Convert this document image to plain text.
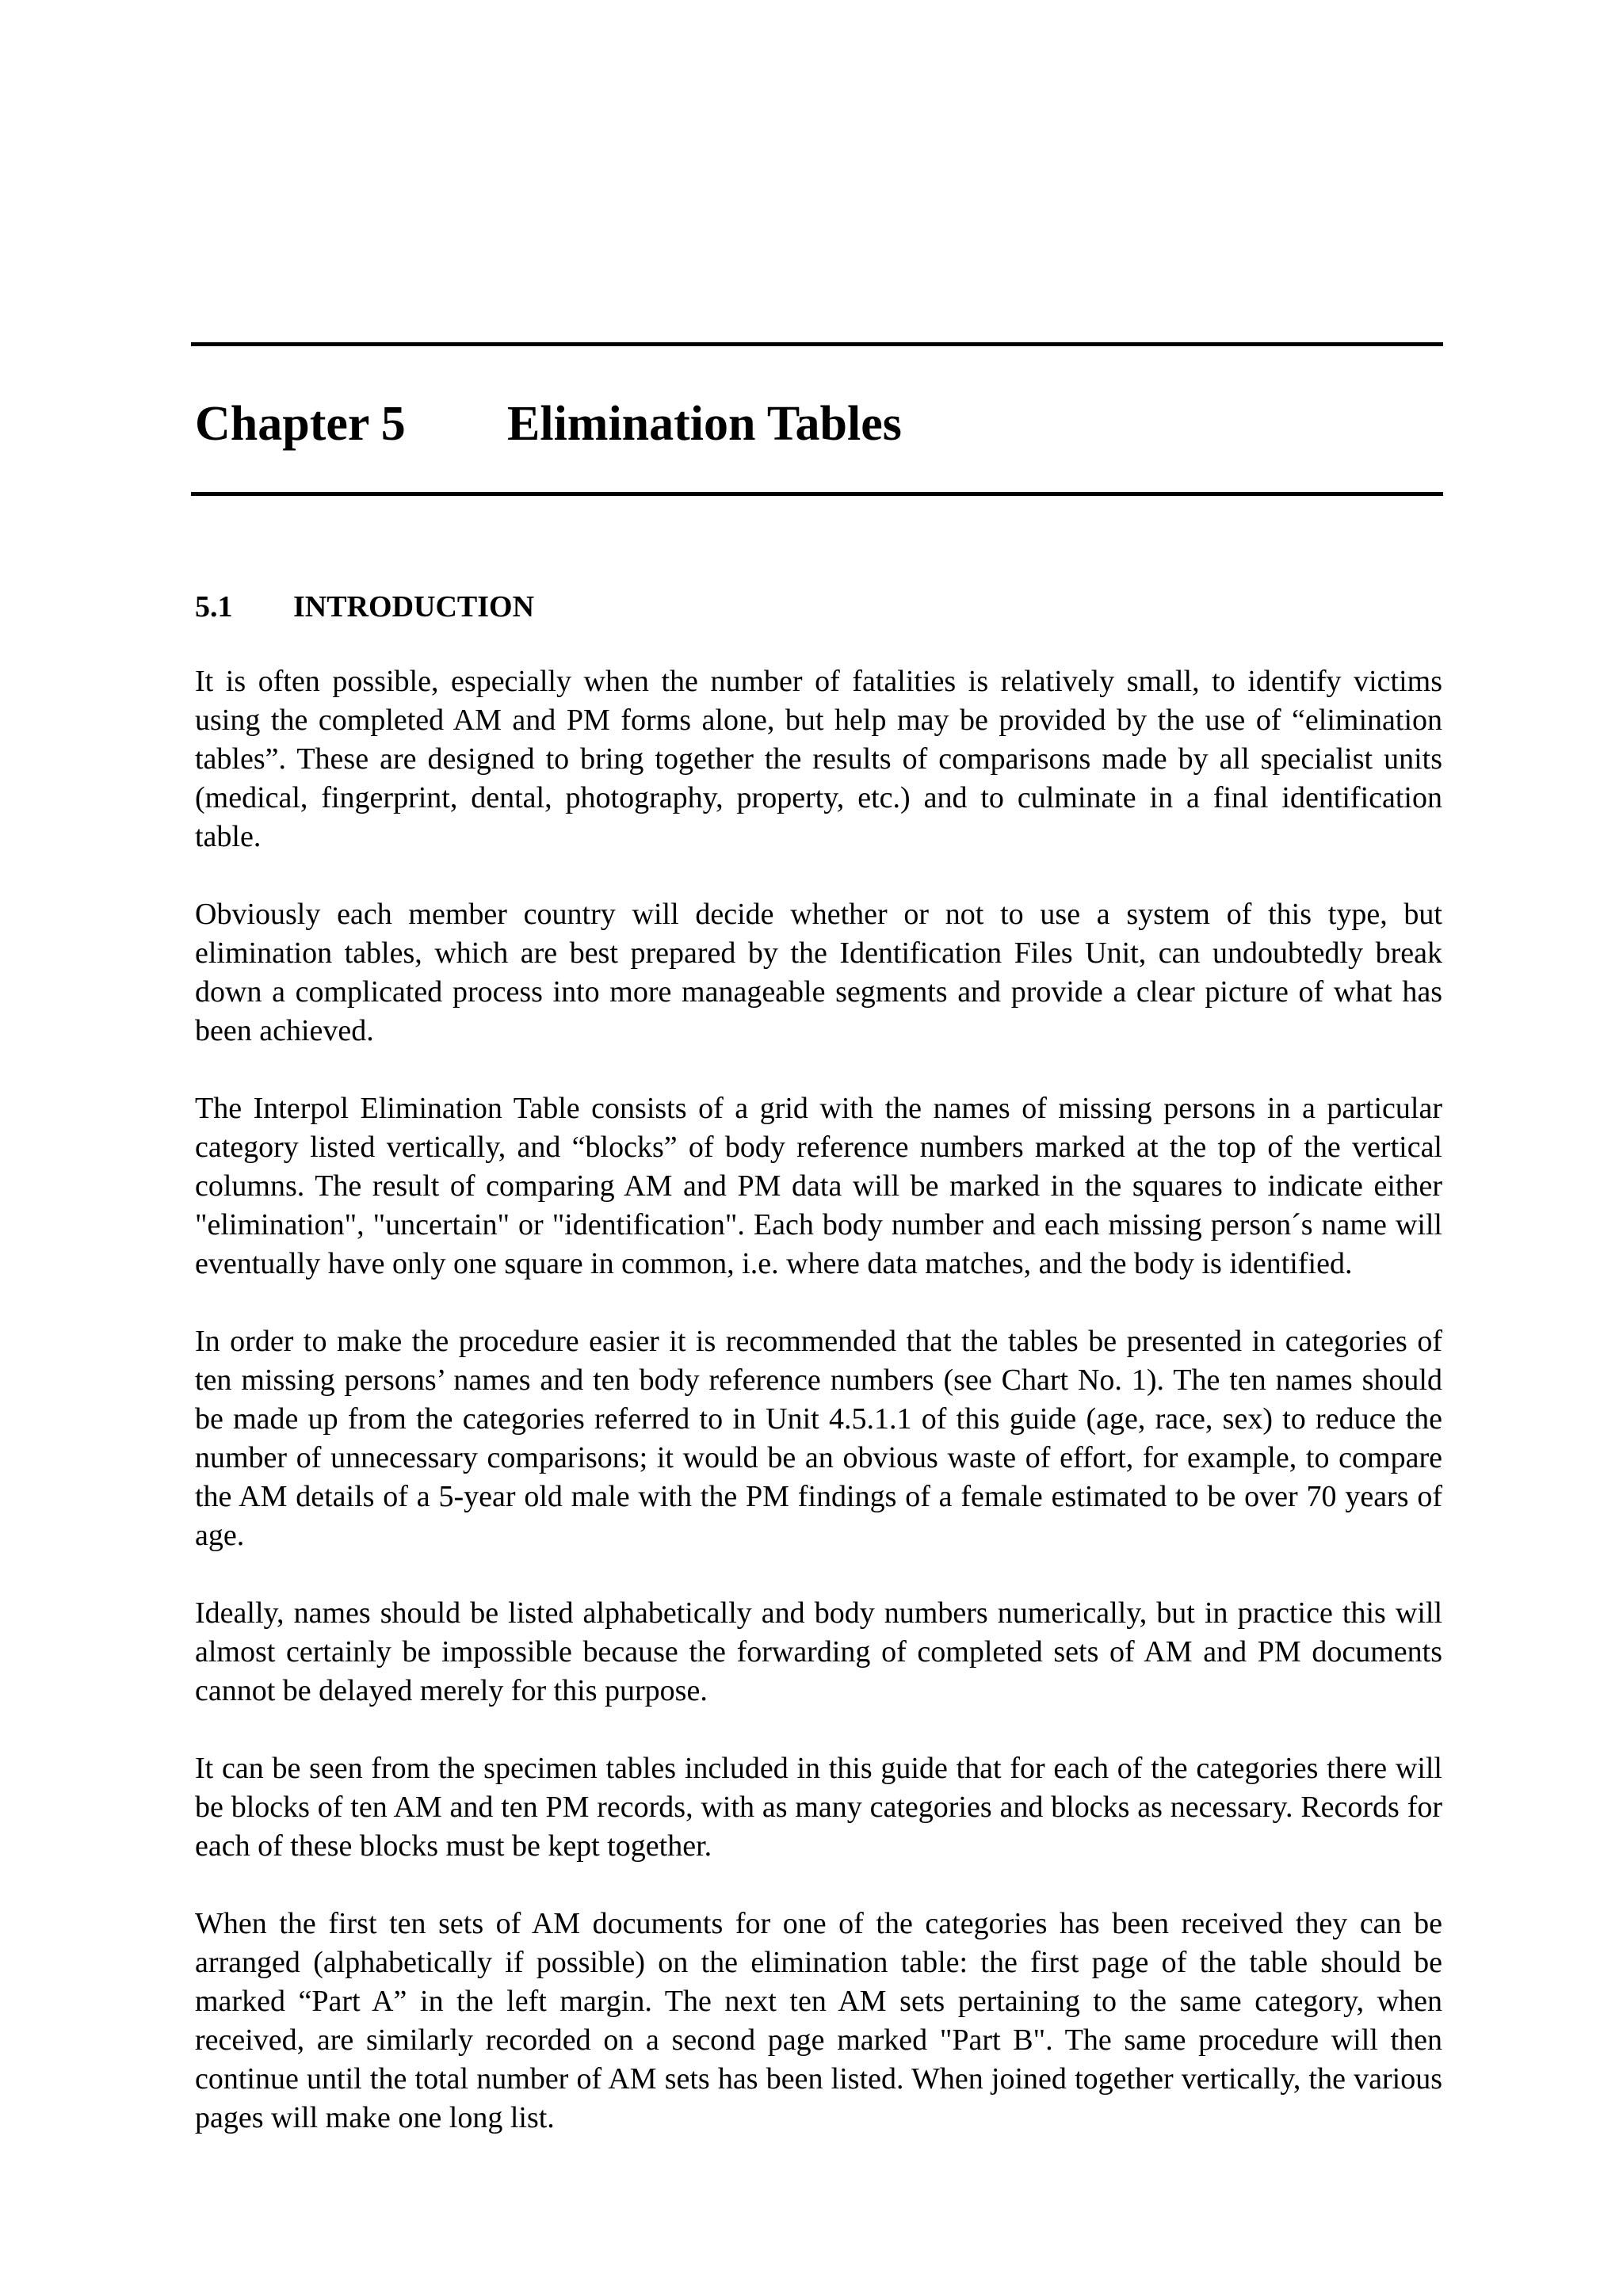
Chapter 5 Elimination Tables
5.1 INTRODUCTION

It is often possible, especially when the number of fatalities is relatively small, to identify victims using the completed AM and PM forms alone, but help may be provided by the use of “elimination tables”. These are designed to bring together the results of comparisons made by all specialist units (medical, fingerprint, dental, photography, property, etc.) and to culminate in a final identification table.

Obviously each member country will decide whether or not to use a system of this type, but elimination tables, which are best prepared by the Identification Files Unit, can undoubtedly break down a complicated process into more manageable segments and provide a clear picture of what has been achieved.

The Interpol Elimination Table consists of a grid with the names of missing persons in a particular category listed vertically, and “blocks” of body reference numbers marked at the top of the vertical columns. The result of comparing AM and PM data will be marked in the squares to indicate either "elimination", "uncertain" or "identification". Each body number and each missing person´s name will eventually have only one square in common, i.e. where data matches, and the body is identified.

In order to make the procedure easier it is recommended that the tables be presented in categories of ten missing persons’ names and ten body reference numbers (see Chart No. 1). The ten names should be made up from the categories referred to in Unit 4.5.1.1 of this guide (age, race, sex) to reduce the number of unnecessary comparisons; it would be an obvious waste of effort, for example, to compare the AM details of a 5-year old male with the PM findings of a female estimated to be over 70 years of age.

Ideally, names should be listed alphabetically and body numbers numerically, but in practice this will almost certainly be impossible because the forwarding of completed sets of AM and PM documents cannot be delayed merely for this purpose.

It can be seen from the specimen tables included in this guide that for each of the categories there will be blocks of ten AM and ten PM records, with as many categories and blocks as necessary. Records for each of these blocks must be kept together.

When the first ten sets of AM documents for one of the categories has been received they can be arranged (alphabetically if possible) on the elimination table: the first page of the table should be marked “Part A” in the left margin. The next ten AM sets pertaining to the same category, when received, are similarly recorded on a second page marked "Part B". The same procedure will then continue until the total number of AM sets has been listed. When joined together vertically, the various pages will make one long list.
